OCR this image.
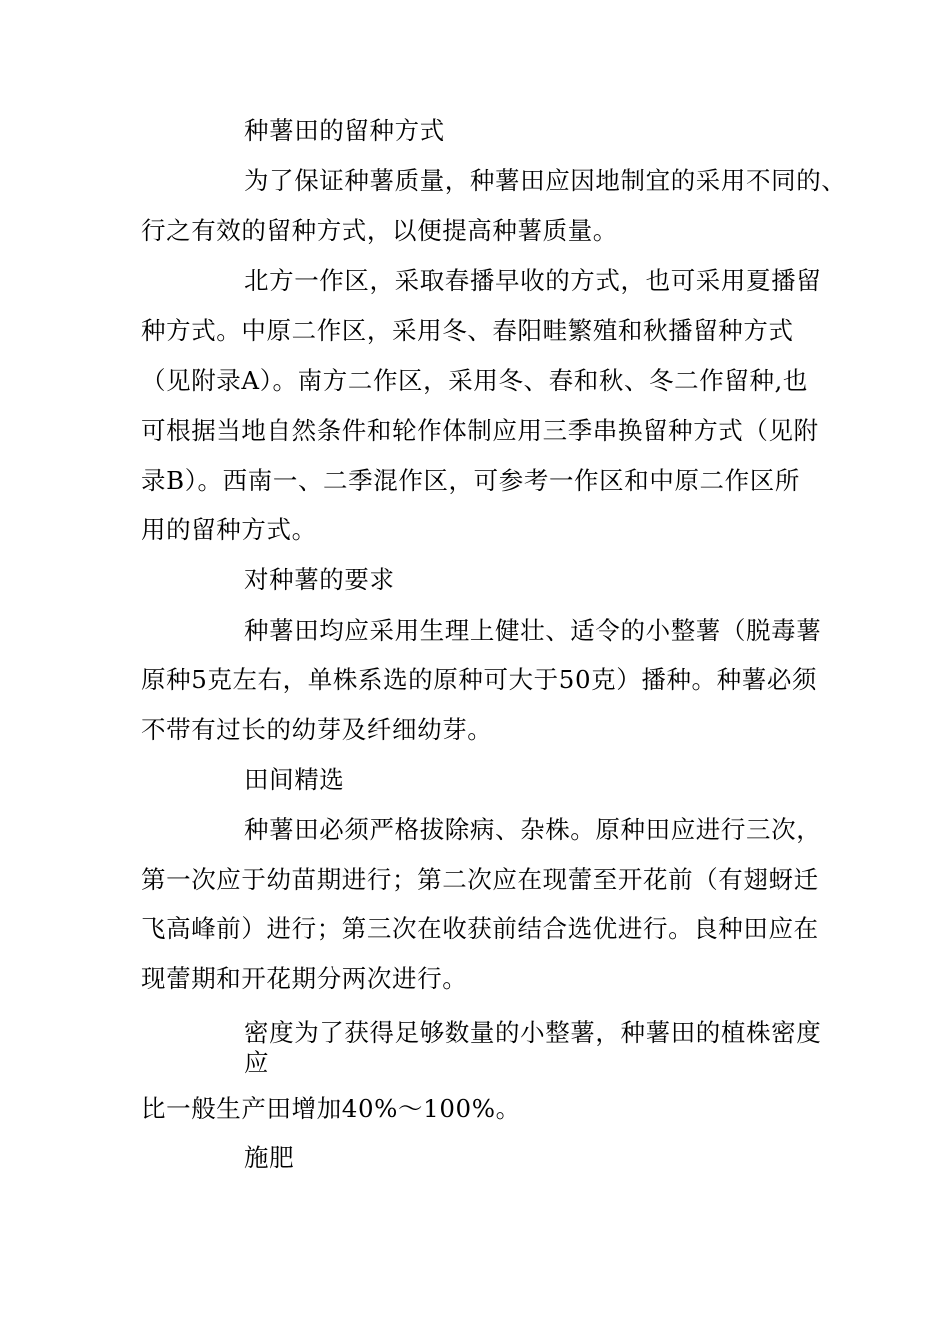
种薯田的留种方式
为了保证种薯质量，种薯田应因地制宜的采用不同的、
行之有效的留种方式，以便提高种薯质量。
北方一作区，采取春播早收的方式，也可采用夏播留
种方式。中原二作区，采用冬、春阳畦繁殖和秋播留种方式
（见附录A）。南方二作区，采用冬、春和秋、冬二作留种,也
可根据当地自然条件和轮作体制应用三季串换留种方式（见附
录B）。西南一、二季混作区，可参考一作区和中原二作区所
用的留种方式。
对种薯的要求
种薯田均应采用生理上健壮、适令的小整薯（脱毒薯
原种5克左右，单株系选的原种可大于50克）播种。种薯必须
不带有过长的幼芽及纤细幼芽。
田间精选
种薯田必须严格拔除病、杂株。原种田应进行三次，
第一次应于幼苗期进行；第二次应在现蕾至开花前（有翅蚜迁
飞高峰前）进行；第三次在收获前结合选优进行。良种田应在
现蕾期和开花期分两次进行。
密度为了获得足够数量的小整薯，种薯田的植株密度
应
比一般生产田增加40%〜100%。
施肥
